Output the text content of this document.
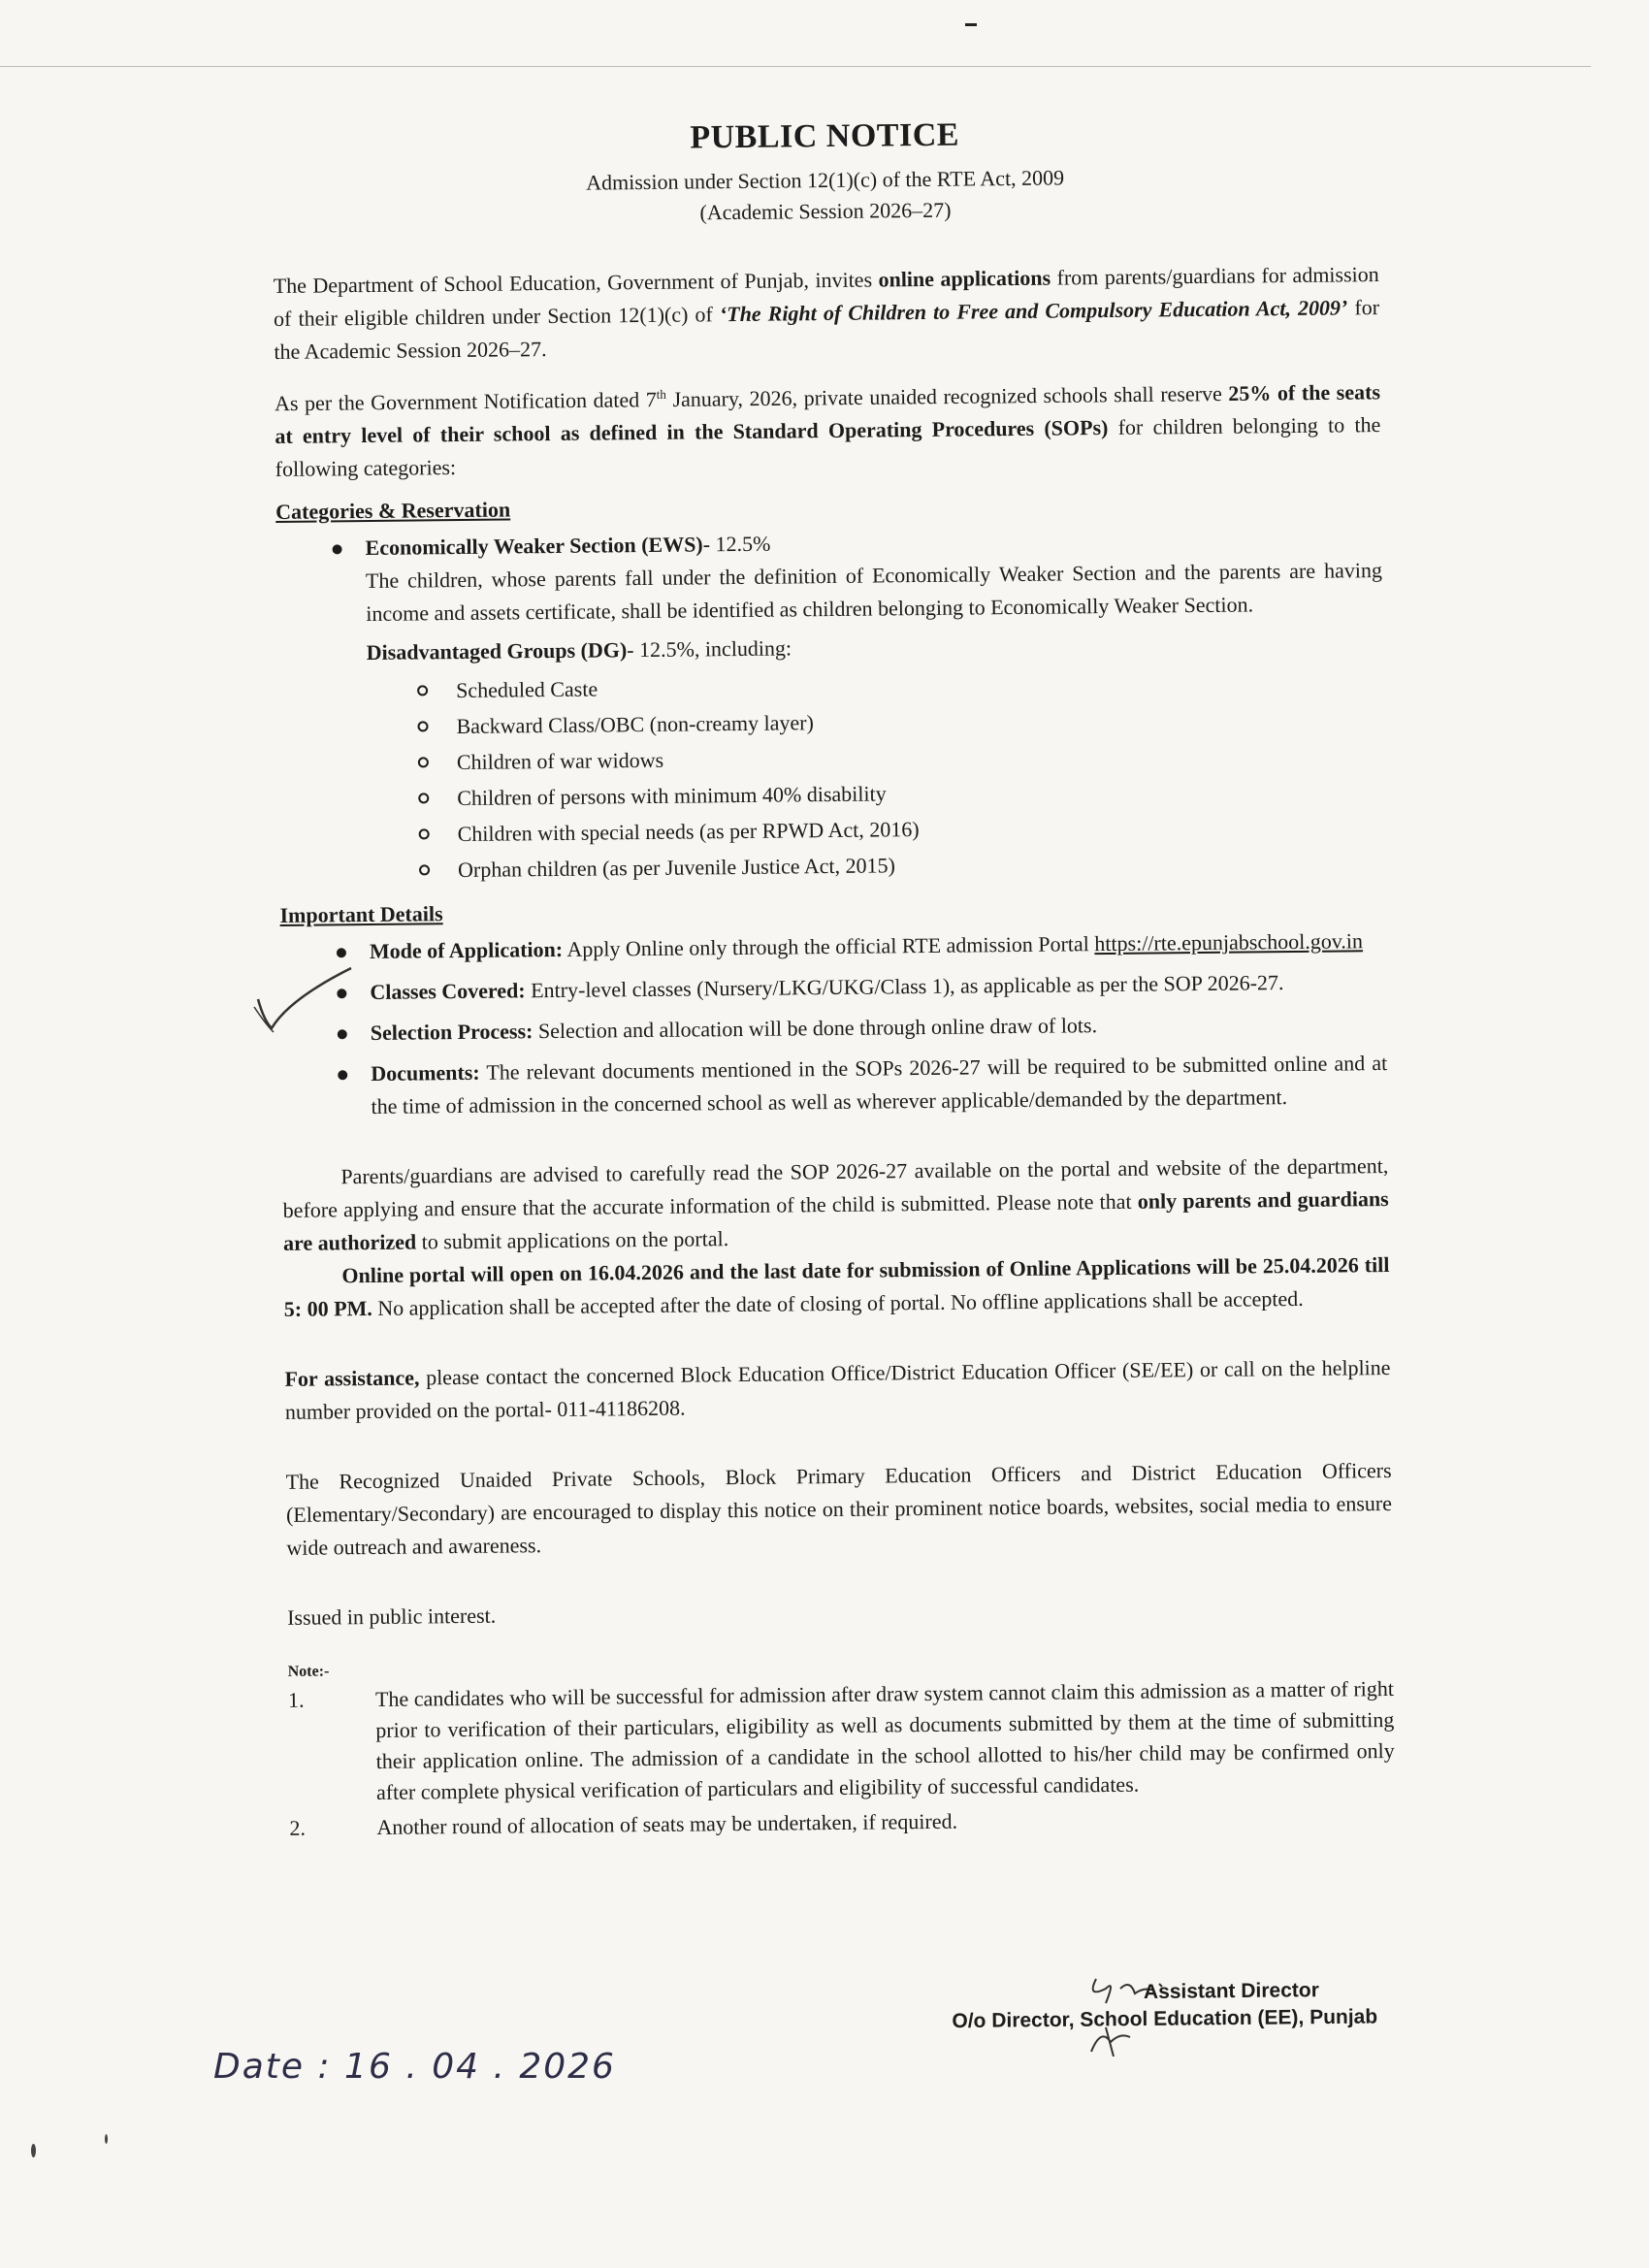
PUBLIC NOTICE
Admission under Section 12(1)(c) of the RTE Act, 2009
(Academic Session 2026–27)

The Department of School Education, Government of Punjab, invites online applications from parents/guardians for admission of their eligible children under Section 12(1)(c) of ‘The Right of Children to Free and Compulsory Education Act, 2009’ for the Academic Session 2026–27.

As per the Government Notification dated 7th January, 2026, private unaided recognized schools shall reserve 25% of the seats at entry level of their school as defined in the Standard Operating Procedures (SOPs) for children belonging to the following categories:

Categories & Reservation
Economically Weaker Section (EWS)- 12.5%
The children, whose parents fall under the definition of Economically Weaker Section and the parents are having income and assets certificate, shall be identified as children belonging to Economically Weaker Section.
Disadvantaged Groups (DG)- 12.5%, including:
Scheduled Caste
Backward Class/OBC (non-creamy layer)
Children of war widows
Children of persons with minimum 40% disability
Children with special needs (as per RPWD Act, 2016)
Orphan children (as per Juvenile Justice Act, 2015)
Important Details
Mode of Application: Apply Online only through the official RTE admission Portal https://rte.epunjabschool.gov.in
Classes Covered: Entry-level classes (Nursery/LKG/UKG/Class 1), as applicable as per the SOP 2026-27.
Selection Process: Selection and allocation will be done through online draw of lots.
Documents: The relevant documents mentioned in the SOPs 2026-27 will be required to be submitted online and at the time of admission in the concerned school as well as wherever applicable/demanded by the department.

Parents/guardians are advised to carefully read the SOP 2026-27 available on the portal and website of the department, before applying and ensure that the accurate information of the child is submitted. Please note that only parents and guardians are authorized to submit applications on the portal.

Online portal will open on 16.04.2026 and the last date for submission of Online Applications will be 25.04.2026 till 5: 00 PM. No application shall be accepted after the date of closing of portal. No offline applications shall be accepted.

For assistance, please contact the concerned Block Education Office/District Education Officer (SE/EE) or call on the helpline number provided on the portal- 011-41186208.

The Recognized Unaided Private Schools, Block Primary Education Officers and District Education Officers (Elementary/Secondary) are encouraged to display this notice on their prominent notice boards, websites, social media to ensure wide outreach and awareness.

Issued in public interest.

Note:-
1.	The candidates who will be successful for admission after draw system cannot claim this admission as a matter of right prior to verification of their particulars, eligibility as well as documents submitted by them at the time of submitting their application online. The admission of a candidate in the school allotted to his/her child may be confirmed only after complete physical verification of particulars and eligibility of successful candidates.
2.	Another round of allocation of seats may be undertaken, if required.
Assistant Director
O/o Director, School Education (EE), Punjab
Date : 16 . 04 . 2026
